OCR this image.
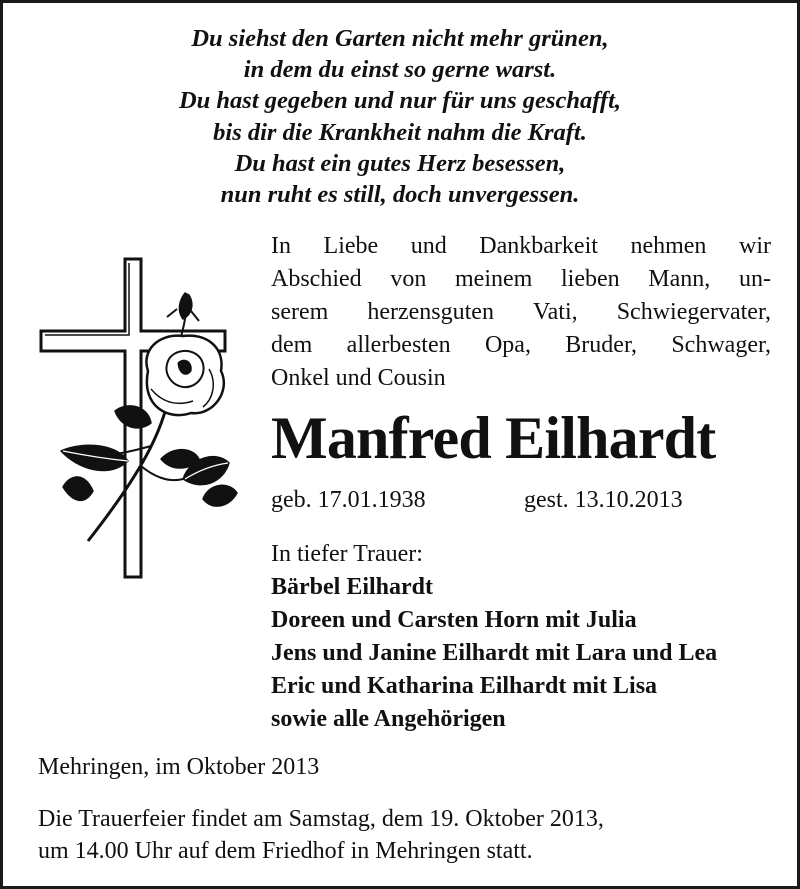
Du siehst den Garten nicht mehr grünen,
in dem du einst so gerne warst.
Du hast gegeben und nur für uns geschafft,
bis dir die Krankheit nahm die Kraft.
Du hast ein gutes Herz besessen,
nun ruht es still, doch unvergessen.
In Liebe und Dankbarkeit nehmen wir
Abschied von meinem lieben Mann, un-
serem herzensguten Vati, Schwiegervater,
dem allerbesten Opa, Bruder, Schwager,
Onkel und Cousin
Manfred Eilhardt
geb. 17.01.1938	gest. 13.10.2013
In tiefer Trauer:
Bärbel Eilhardt
Doreen und Carsten Horn mit Julia
Jens und Janine Eilhardt mit Lara und Lea
Eric und Katharina Eilhardt mit Lisa
sowie alle Angehörigen
Mehringen, im Oktober 2013
Die Trauerfeier findet am Samstag, dem 19. Oktober 2013,
um 14.00 Uhr auf dem Friedhof in Mehringen statt.
